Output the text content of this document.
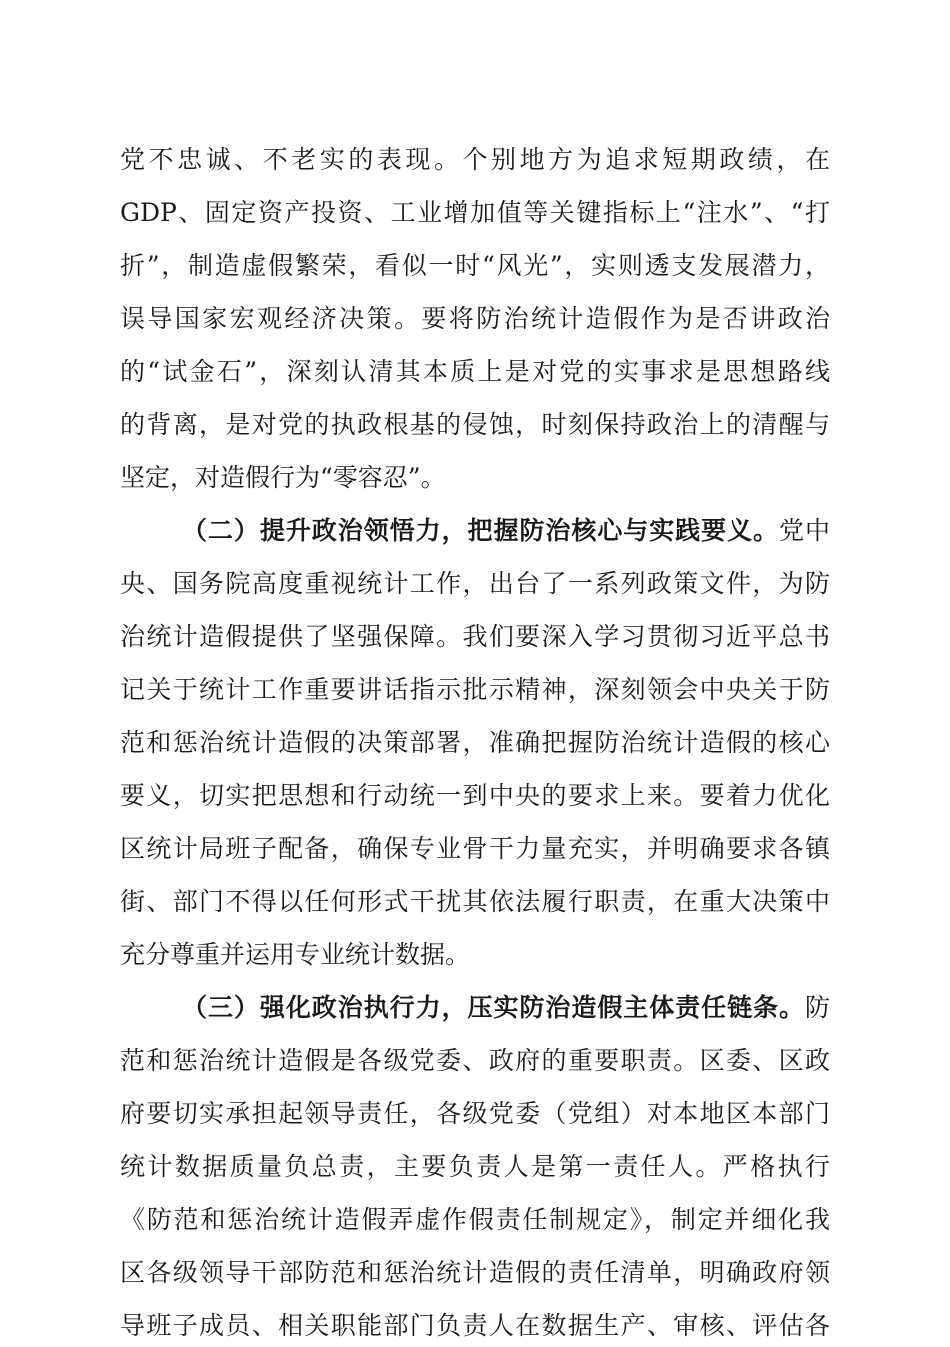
党不忠诚、不老实的表现。个别地方为追求短期政绩，在
GDP、固定资产投资、工业增加值等关键指标上“注水”、“打
折”，制造虚假繁荣，看似一时“风光”，实则透支发展潜力，
误导国家宏观经济决策。要将防治统计造假作为是否讲政治
的“试金石”，深刻认清其本质上是对党的实事求是思想路线
的背离，是对党的执政根基的侵蚀，时刻保持政治上的清醒与
坚定，对造假行为“零容忍”。
（二）提升政治领悟力，把握防治核心与实践要义。党中
央、国务院高度重视统计工作，出台了一系列政策文件，为防
治统计造假提供了坚强保障。我们要深入学习贯彻习近平总书
记关于统计工作重要讲话指示批示精神，深刻领会中央关于防
范和惩治统计造假的决策部署，准确把握防治统计造假的核心
要义，切实把思想和行动统一到中央的要求上来。要着力优化
区统计局班子配备，确保专业骨干力量充实，并明确要求各镇
街、部门不得以任何形式干扰其依法履行职责，在重大决策中
充分尊重并运用专业统计数据。
（三）强化政治执行力，压实防治造假主体责任链条。防
范和惩治统计造假是各级党委、政府的重要职责。区委、区政
府要切实承担起领导责任，各级党委（党组）对本地区本部门
统计数据质量负总责，主要负责人是第一责任人。严格执行
《防范和惩治统计造假弄虚作假责任制规定》，制定并细化我
区各级领导干部防范和惩治统计造假的责任清单，明确政府领
导班子成员、相关职能部门负责人在数据生产、审核、评估各
